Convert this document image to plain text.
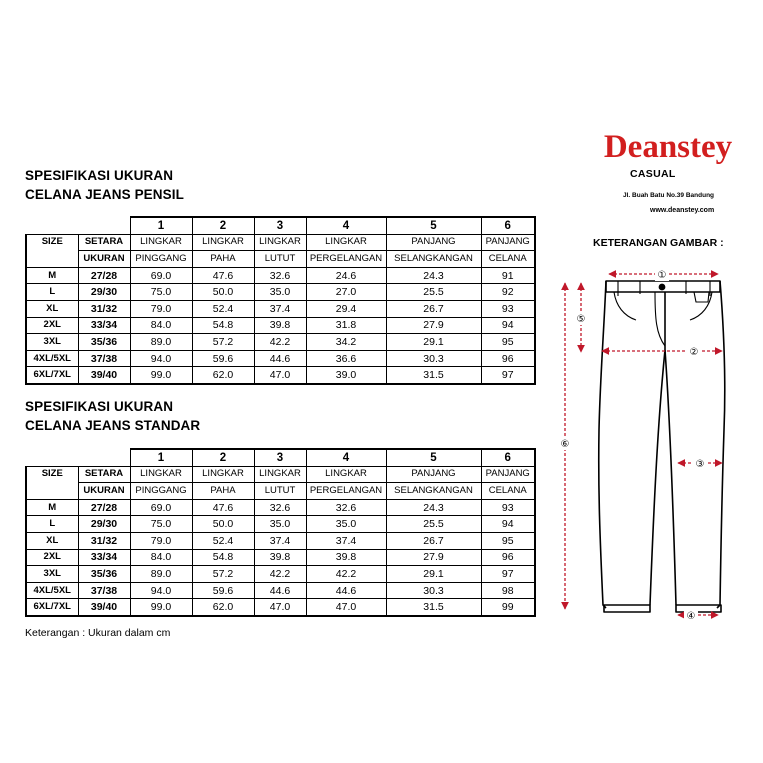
SPESIFIKASI UKURAN
CELANA JEANS PENSIL
SPESIFIKASI UKURAN
CELANA JEANS STANDAR
		1	2	3	4	5	6
SIZE	SETARA	LINGKAR	LINGKAR	LINGKAR	LINGKAR	PANJANG	PANJANG
	UKURAN	PINGGANG	PAHA	LUTUT	PERGELANGAN	SELANGKANGAN	CELANA
M	27/28	69.0	47.6	32.6	24.6	24.3	91
L	29/30	75.0	50.0	35.0	27.0	25.5	92
XL	31/32	79.0	52.4	37.4	29.4	26.7	93
2XL	33/34	84.0	54.8	39.8	31.8	27.9	94
3XL	35/36	89.0	57.2	42.2	34.2	29.1	95
4XL/5XL	37/38	94.0	59.6	44.6	36.6	30.3	96
6XL/7XL	39/40	99.0	62.0	47.0	39.0	31.5	97
		1	2	3	4	5	6
SIZE	SETARA	LINGKAR	LINGKAR	LINGKAR	LINGKAR	PANJANG	PANJANG
	UKURAN	PINGGANG	PAHA	LUTUT	PERGELANGAN	SELANGKANGAN	CELANA
M	27/28	69.0	47.6	32.6	32.6	24.3	93
L	29/30	75.0	50.0	35.0	35.0	25.5	94
XL	31/32	79.0	52.4	37.4	37.4	26.7	95
2XL	33/34	84.0	54.8	39.8	39.8	27.9	96
3XL	35/36	89.0	57.2	42.2	42.2	29.1	97
4XL/5XL	37/38	94.0	59.6	44.6	44.6	30.3	98
6XL/7XL	39/40	99.0	62.0	47.0	47.0	31.5	99
Keterangan : Ukuran dalam cm
Deanstey
CASUAL
Jl. Buah Batu No.39 Bandung
www.deanstey.com
KETERANGAN GAMBAR :
①
②
③
④
⑤
⑥
